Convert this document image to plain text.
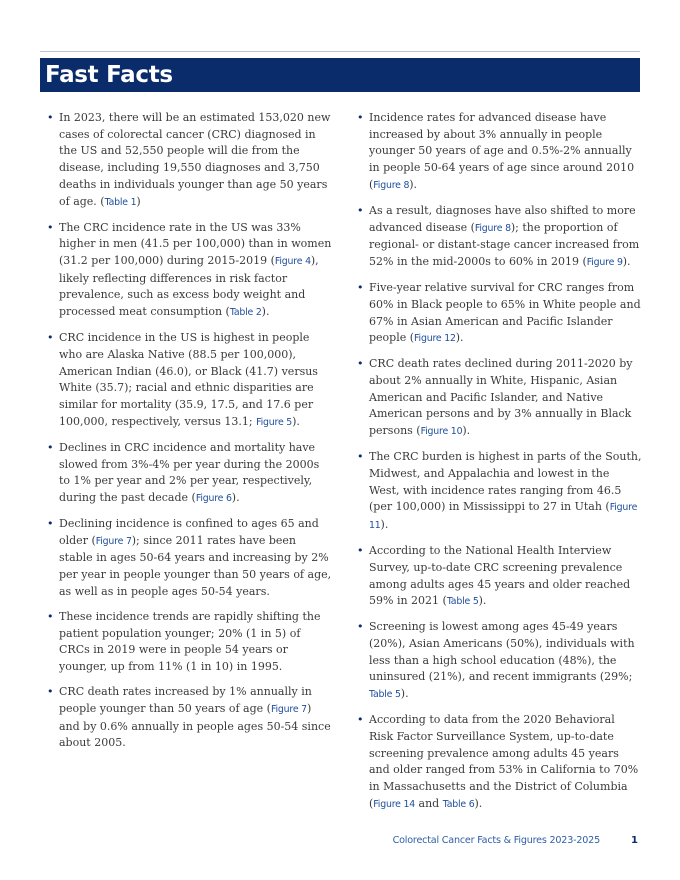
Fast Facts
• In 2023, there will be an estimated 153,020 new cases of colorectal cancer (CRC) diagnosed in the US and 52,550 people will die from the disease, including 19,550 diagnoses and 3,750 deaths in individuals younger than age 50 years of age. (Table 1)
• The CRC incidence rate in the US was 33% higher in men (41.5 per 100,000) than in women (31.2 per 100,000) during 2015-2019 (Figure 4), likely reflecting differences in risk factor prevalence, such as excess body weight and processed meat consumption (Table 2).
• CRC incidence in the US is highest in people who are Alaska Native (88.5 per 100,000), American Indian (46.0), or Black (41.7) versus White (35.7); racial and ethnic disparities are similar for mortality (35.9, 17.5, and 17.6 per 100,000, respectively, versus 13.1; Figure 5).
• Declines in CRC incidence and mortality have slowed from 3%-4% per year during the 2000s to 1% per year and 2% per year, respectively, during the past decade (Figure 6).
• Declining incidence is confined to ages 65 and older (Figure 7); since 2011 rates have been stable in ages 50-64 years and increasing by 2% per year in people younger than 50 years of age, as well as in people ages 50-54 years.
• These incidence trends are rapidly shifting the patient population younger; 20% (1 in 5) of CRCs in 2019 were in people 54 years or younger, up from 11% (1 in 10) in 1995.
• CRC death rates increased by 1% annually in people younger than 50 years of age (Figure 7) and by 0.6% annually in people ages 50-54 since about 2005.
• Incidence rates for advanced disease have increased by about 3% annually in people younger 50 years of age and 0.5%-2% annually in people 50-64 years of age since around 2010 (Figure 8).
• As a result, diagnoses have also shifted to more advanced disease (Figure 8); the proportion of regional- or distant-stage cancer increased from 52% in the mid-2000s to 60% in 2019 (Figure 9).
• Five-year relative survival for CRC ranges from 60% in Black people to 65% in White people and 67% in Asian American and Pacific Islander people (Figure 12).
• CRC death rates declined during 2011-2020 by about 2% annually in White, Hispanic, Asian American and Pacific Islander, and Native American persons and by 3% annually in Black persons (Figure 10).
• The CRC burden is highest in parts of the South, Midwest, and Appalachia and lowest in the West, with incidence rates ranging from 46.5 (per 100,000) in Mississippi to 27 in Utah (Figure 11).
• According to the National Health Interview Survey, up-to-date CRC screening prevalence among adults ages 45 years and older reached 59% in 2021 (Table 5).
• Screening is lowest among ages 45-49 years (20%), Asian Americans (50%), individuals with less than a high school education (48%), the uninsured (21%), and recent immigrants (29%; Table 5).
• According to data from the 2020 Behavioral Risk Factor Surveillance System, up-to-date screening prevalence among adults 45 years and older ranged from 53% in California to 70% in Massachusetts and the District of Columbia (Figure 14 and Table 6).
Colorectal Cancer Facts & Figures 2023-2025	1
